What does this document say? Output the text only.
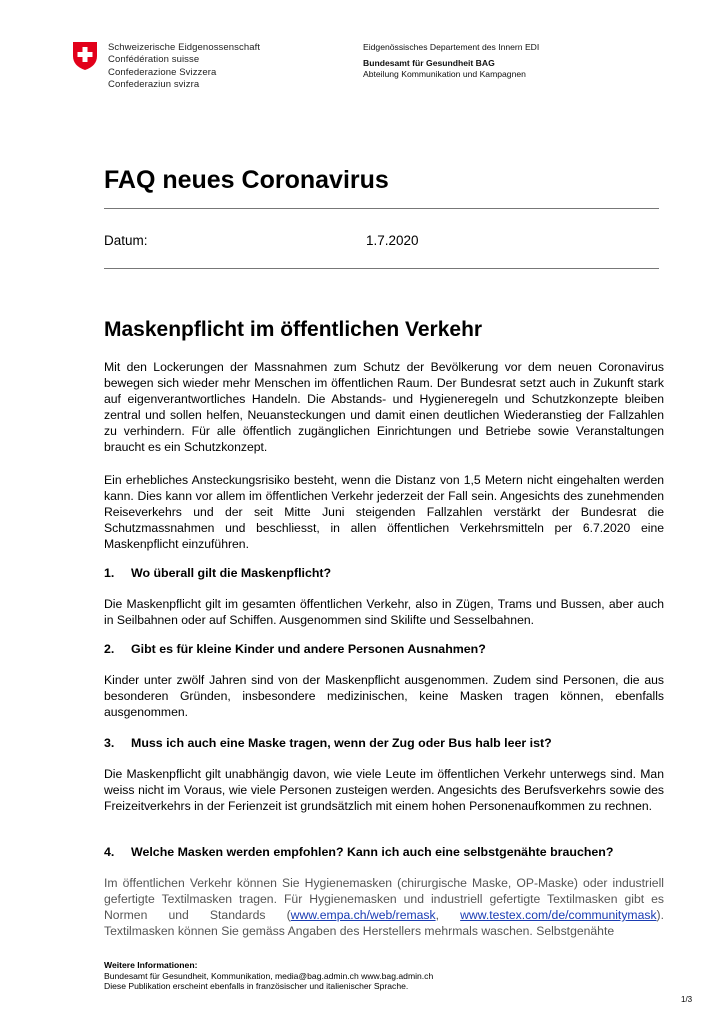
Schweizerische Eidgenossenschaft
Confédération suisse
Confederazione Svizzera
Confederaziun svizra
Eidgenössisches Departement des Innern EDI
Bundesamt für Gesundheit BAG
Abteilung Kommunikation und Kampagnen
FAQ neues Coronavirus
Datum:	1.7.2020
Maskenpflicht im öffentlichen Verkehr
Mit den Lockerungen der Massnahmen zum Schutz der Bevölkerung vor dem neuen Coronavirus bewegen sich wieder mehr Menschen im öffentlichen Raum. Der Bundesrat setzt auch in Zukunft stark auf eigenverantwortliches Handeln. Die Abstands- und Hygieneregeln und Schutzkonzepte bleiben zentral und sollen helfen, Neuansteckungen und damit einen deutlichen Wiederanstieg der Fallzahlen zu verhindern. Für alle öffentlich zugänglichen Einrichtungen und Betriebe sowie Veranstaltungen braucht es ein Schutzkonzept.
Ein erhebliches Ansteckungsrisiko besteht, wenn die Distanz von 1,5 Metern nicht eingehalten werden kann. Dies kann vor allem im öffentlichen Verkehr jederzeit der Fall sein. Angesichts des zunehmenden Reiseverkehrs und der seit Mitte Juni steigenden Fallzahlen verstärkt der Bundesrat die Schutzmassnahmen und beschliesst, in allen öffentlichen Verkehrsmitteln per 6.7.2020 eine Maskenpflicht einzuführen.
1. Wo überall gilt die Maskenpflicht?
Die Maskenpflicht gilt im gesamten öffentlichen Verkehr, also in Zügen, Trams und Bussen, aber auch in Seilbahnen oder auf Schiffen. Ausgenommen sind Skilifte und Sesselbahnen.
2. Gibt es für kleine Kinder und andere Personen Ausnahmen?
Kinder unter zwölf Jahren sind von der Maskenpflicht ausgenommen. Zudem sind Personen, die aus besonderen Gründen, insbesondere medizinischen, keine Masken tragen können, ebenfalls ausgenommen.
3. Muss ich auch eine Maske tragen, wenn der Zug oder Bus halb leer ist?
Die Maskenpflicht gilt unabhängig davon, wie viele Leute im öffentlichen Verkehr unterwegs sind. Man weiss nicht im Voraus, wie viele Personen zusteigen werden. Angesichts des Berufsverkehrs sowie des Freizeitverkehrs in der Ferienzeit ist grundsätzlich mit einem hohen Personenaufkommen zu rechnen.
4. Welche Masken werden empfohlen? Kann ich auch eine selbstgenähte brauchen?
Im öffentlichen Verkehr können Sie Hygienemasken (chirurgische Maske, OP-Maske) oder industriell gefertigte Textilmasken tragen. Für Hygienemasken und industriell gefertigte Textilmasken gibt es Normen und Standards (www.empa.ch/web/remask, www.testex.com/de/communitymask). Textilmasken können Sie gemäss Angaben des Herstellers mehrmals waschen. Selbstgenähte
Weitere Informationen:
Bundesamt für Gesundheit, Kommunikation, media@bag.admin.ch www.bag.admin.ch
Diese Publikation erscheint ebenfalls in französischer und italienischer Sprache.
1/3
